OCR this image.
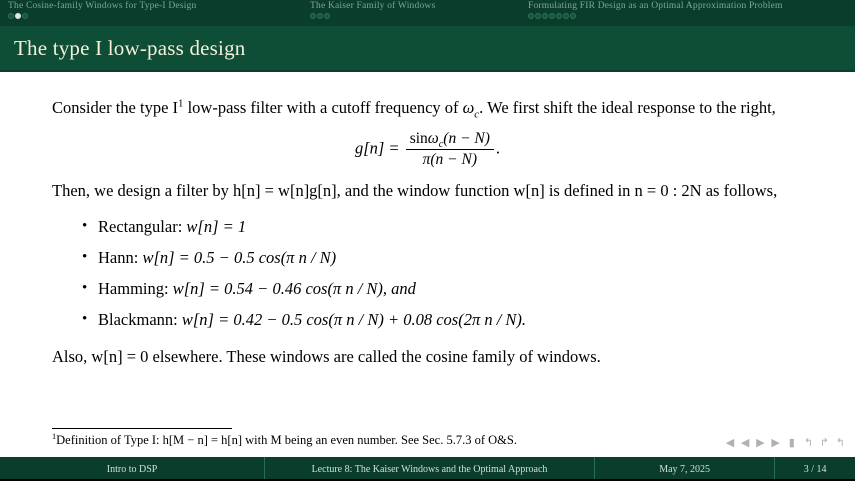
The Cosine-family Windows for Type-I Design	The Kaiser Family of Windows	Formulating FIR Design as an Optimal Approximation Problem
The type I low-pass design

Consider the type $I^1$ low-pass filter with a cutoff frequency of $\omega_c$. We first shift the ideal response to the right,

$g[n] = \frac{\sin\omega_c(n - N)}{\pi(n - N)}$ .

Then, we design a filter by h[n] = w[n]g[n], and the window function w[n] is defined in n = 0 : 2N as follows,

• Rectangular: w[n] = 1
• Hann: w[n] = 0.5 − 0.5 cos(π n / N)
• Hamming: w[n] = 0.54 − 0.46 cos(π n / N), and
• Blackmann: w[n] = 0.42 − 0.5 cos(π n / N) + 0.08 cos(2π n / N).

Also, w[n] = 0 elsewhere. These windows are called the cosine family of windows.

$^1$Definition of Type I: h[M − n] = h[n] with M being an even number. See Sec. 5.7.3 of O&S.	◀ ◀ ▶ ▶ ▮ ↰ ↱ ↰
Intro to DSP	Lecture 8: The Kaiser Windows and the Optimal Approach	May 7, 2025	3 / 14
